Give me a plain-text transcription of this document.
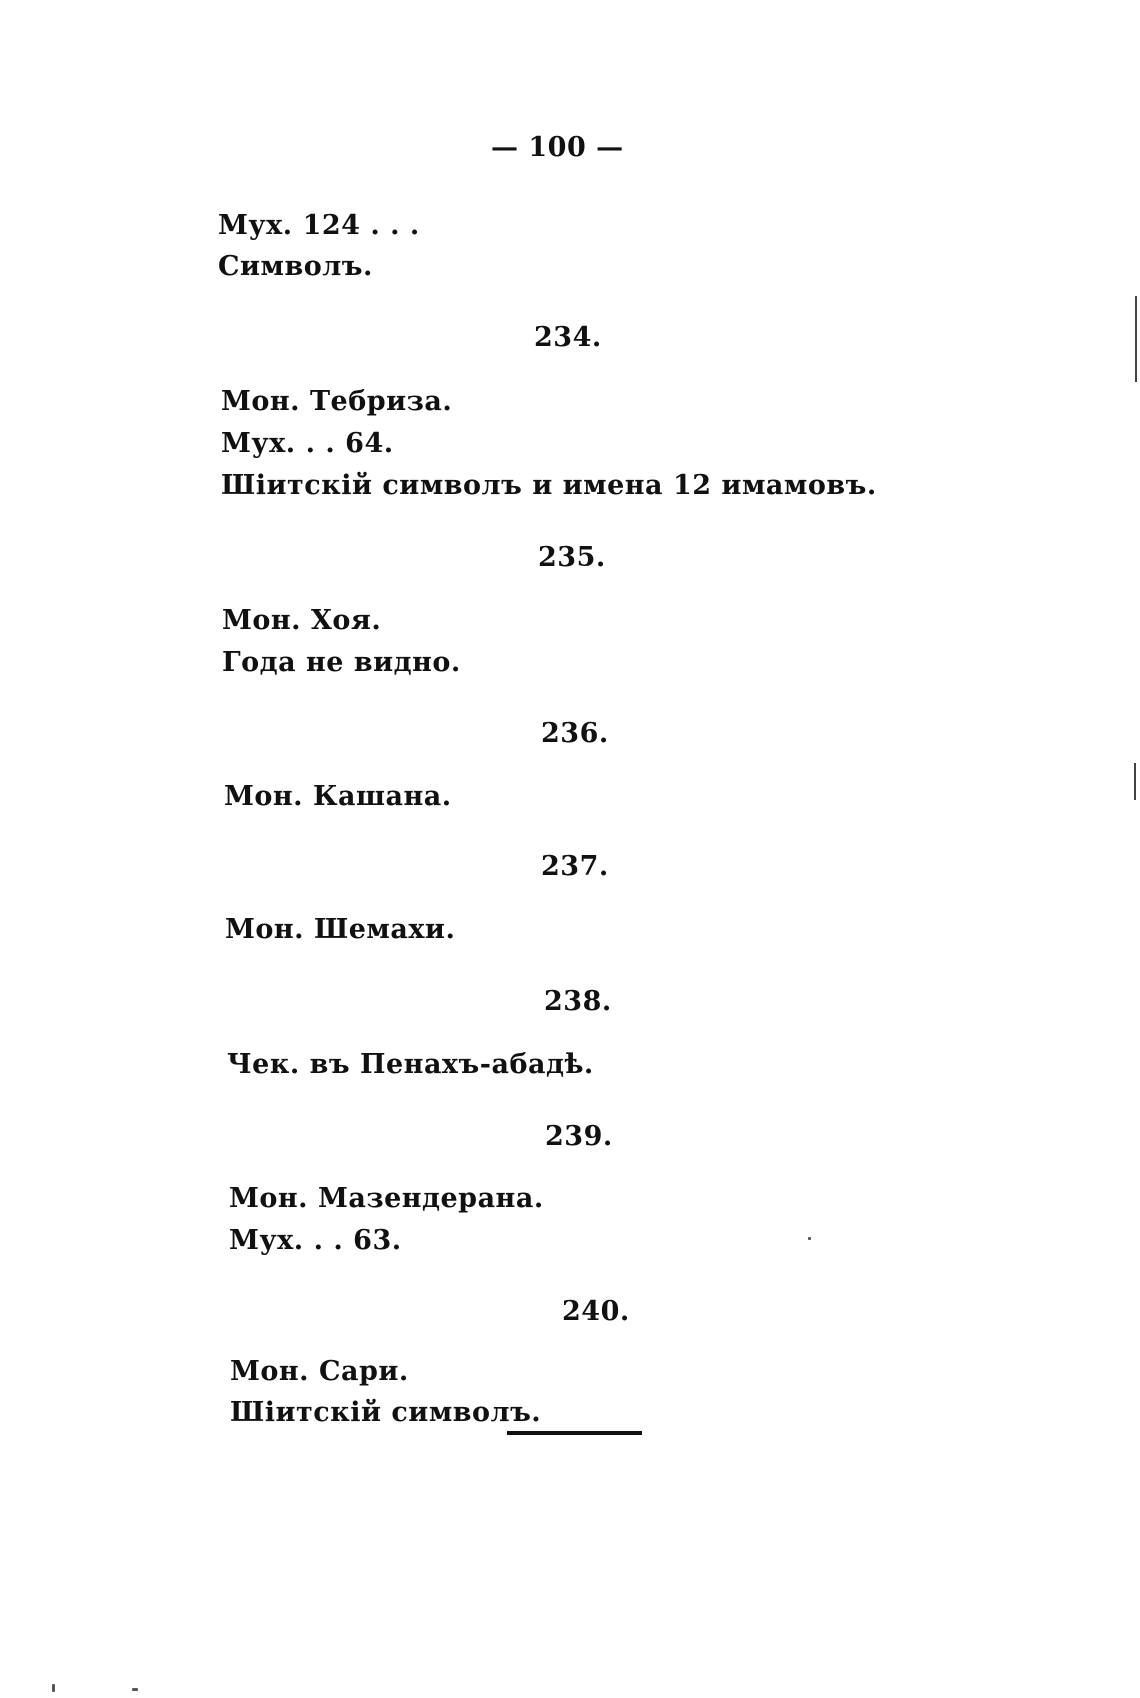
— 100 —
Мух. 124 . . .
Символъ.
234.
Мон. Тебриза.
Мух. . . 64.
Шiитскiй символъ и имена 12 имамовъ.
235.
Мон. Хоя.
Года не видно.
236.
Мон. Кашана.
237.
Мон. Шемахи.
238.
Чек. въ Пенахъ-абадѣ.
239.
Мон. Мазендерана.
Мух. . . 63.
240.
Мон. Сари.
Шiитскiй символъ.
